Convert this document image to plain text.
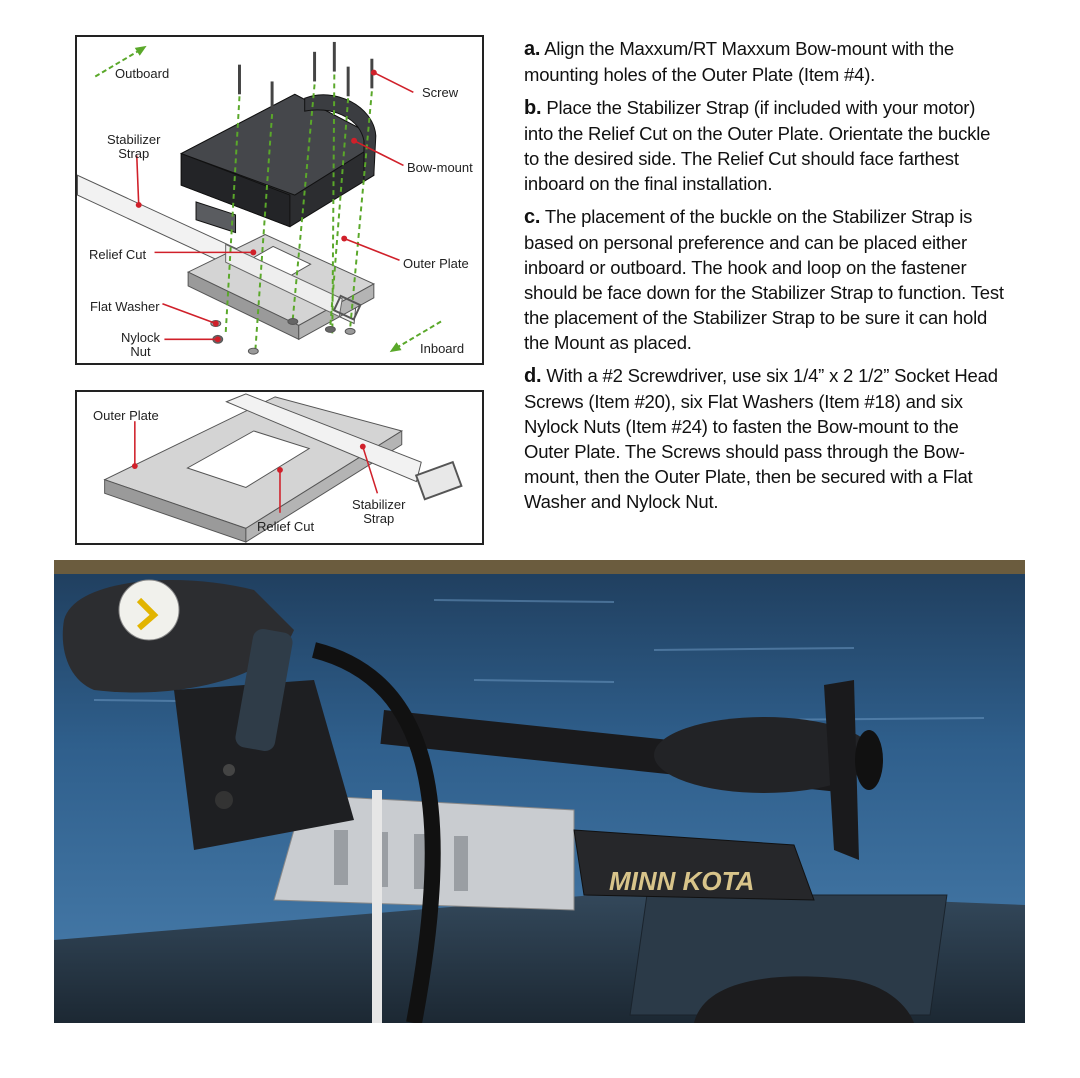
Outboard
Screw
Stabilizer
Strap
Bow-mount
Relief Cut
Outer Plate
Flat Washer
Nylock
Nut	Inboard
Outer Plate
Relief Cut
Stabilizer
Strap
a. Align the Maxxum/RT Maxxum Bow-mount with the mounting holes of the Outer Plate (Item #4).
b. Place the Stabilizer Strap (if included with your motor) into the Relief Cut on the Outer Plate. Orientate the buckle to the desired side. The Relief Cut should face farthest inboard on the final installation.
c. The placement of the buckle on the Stabilizer Strap is based on personal preference and can be placed either inboard or outboard. The hook and loop on the fastener should be face down for the Stabilizer Strap to function. Test the placement of the Stabilizer Strap to be sure it can hold the Mount as placed.
d. With a #2 Screwdriver, use six 1/4” x 2 1/2” Socket Head Screws (Item #20), six Flat Washers (Item #18) and six Nylock Nuts (Item #24) to fasten the Bow-mount to the Outer Plate. The Screws should pass through the Bow-mount, then the Outer Plate, then be secured with a Flat Washer and Nylock Nut.
MINN KOTA
